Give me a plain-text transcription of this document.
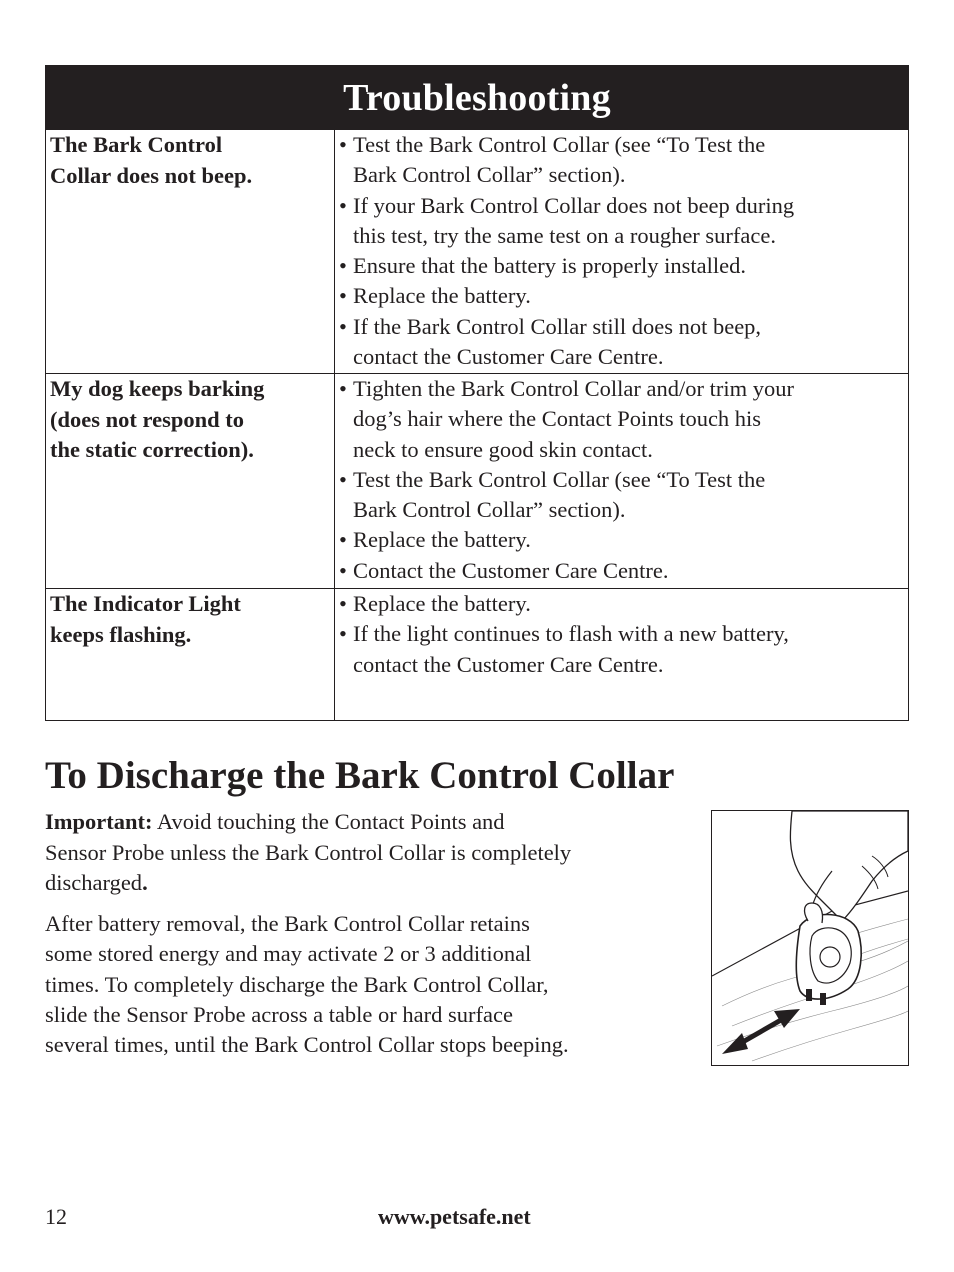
Troubleshooting
The Bark Control
Collar does not beep.
• Test the Bark Control Collar (see “To Test the
Bark Control Collar” section).
• If your Bark Control Collar does not beep during
this test, try the same test on a rougher surface.
• Ensure that the battery is properly installed.
• Replace the battery.
• If the Bark Control Collar still does not beep,
contact the Customer Care Centre.
My dog keeps barking
(does not respond to
the static correction).
• Tighten the Bark Control Collar and/or trim your
dog’s hair where the Contact Points touch his
neck to ensure good skin contact.
• Test the Bark Control Collar (see “To Test the
Bark Control Collar” section).
• Replace the battery.
• Contact the Customer Care Centre.
The Indicator Light
keeps flashing.
• Replace the battery.
• If the light continues to flash with a new battery,
contact the Customer Care Centre.
To Discharge the Bark Control Collar

Important: Avoid touching the Contact Points and
Sensor Probe unless the Bark Control Collar is completely
discharged.

After battery removal, the Bark Control Collar retains
some stored energy and may activate 2 or 3 additional
times. To completely discharge the Bark Control Collar,
slide the Sensor Probe across a table or hard surface
several times, until the Bark Control Collar stops beeping.

12	www.petsafe.net
